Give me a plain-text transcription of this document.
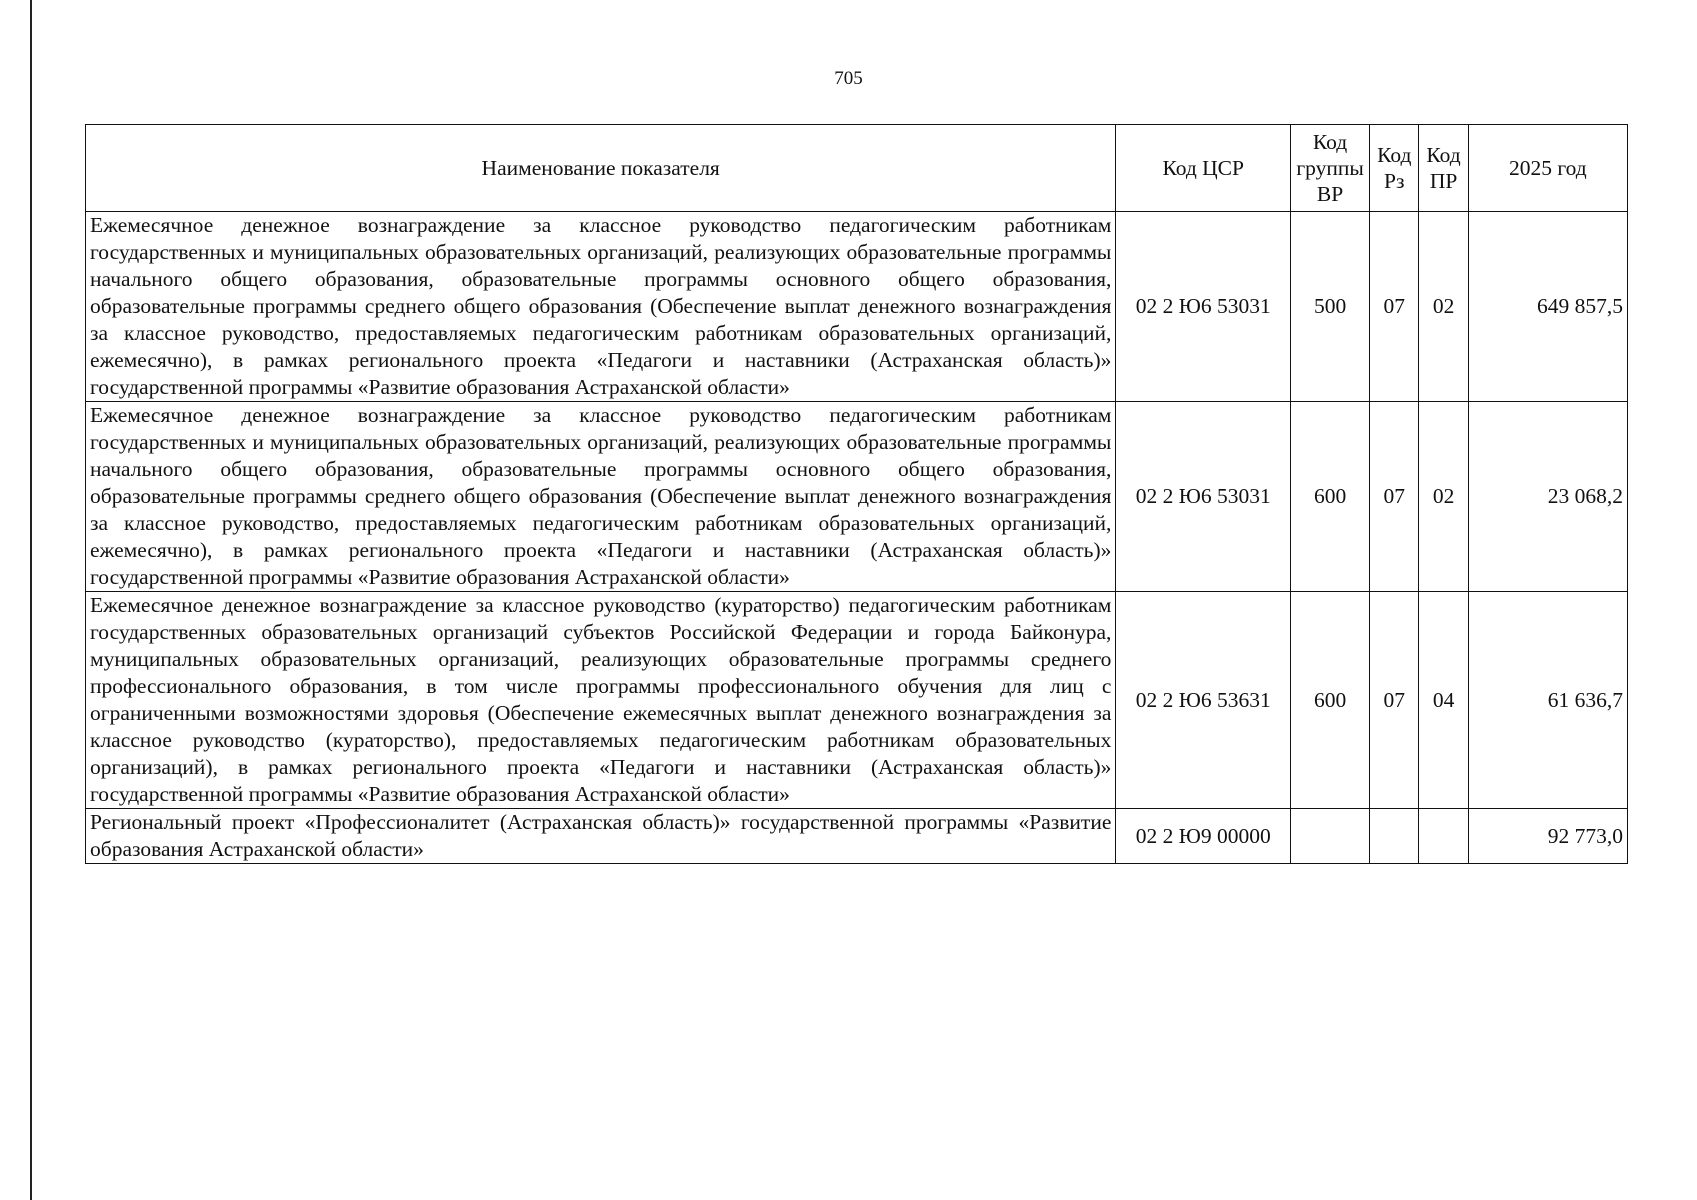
705
Наименование показателя	Код ЦСР	Код группы ВР	Код Рз	Код ПР	2025 год
Ежемесячное денежное вознаграждение за классное руководство педагогическим работникам государственных и муниципальных образовательных организаций, реализующих образовательные программы начального общего образования, образовательные программы основного общего образования, образовательные программы среднего общего образования (Обеспечение выплат денежного вознаграждения за классное руководство, предоставляемых педагогическим работникам образовательных организаций, ежемесячно), в рамках регионального проекта «Педагоги и наставники (Астраханская область)» государственной программы «Развитие образования Астраханской области»	02 2 Ю6 53031	500	07	02	649 857,5
Ежемесячное денежное вознаграждение за классное руководство педагогическим работникам государственных и муниципальных образовательных организаций, реализующих образовательные программы начального общего образования, образовательные программы основного общего образования, образовательные программы среднего общего образования (Обеспечение выплат денежного вознаграждения за классное руководство, предоставляемых педагогическим работникам образовательных организаций, ежемесячно), в рамках регионального проекта «Педагоги и наставники (Астраханская область)» государственной программы «Развитие образования Астраханской области»	02 2 Ю6 53031	600	07	02	23 068,2
Ежемесячное денежное вознаграждение за классное руководство (кураторство) педагогическим работникам государственных образовательных организаций субъектов Российской Федерации и города Байконура, муниципальных образовательных организаций, реализующих образовательные программы среднего профессионального образования, в том числе программы профессионального обучения для лиц с ограниченными возможностями здоровья (Обеспечение ежемесячных выплат денежного вознаграждения за классное руководство (кураторство), предоставляемых педагогическим работникам образовательных организаций), в рамках регионального проекта «Педагоги и наставники (Астраханская область)» государственной программы «Развитие образования Астраханской области»	02 2 Ю6 53631	600	07	04	61 636,7
Региональный проект «Профессионалитет (Астраханская область)» государственной программы «Развитие образования Астраханской области»	02 2 Ю9 00000				92 773,0
